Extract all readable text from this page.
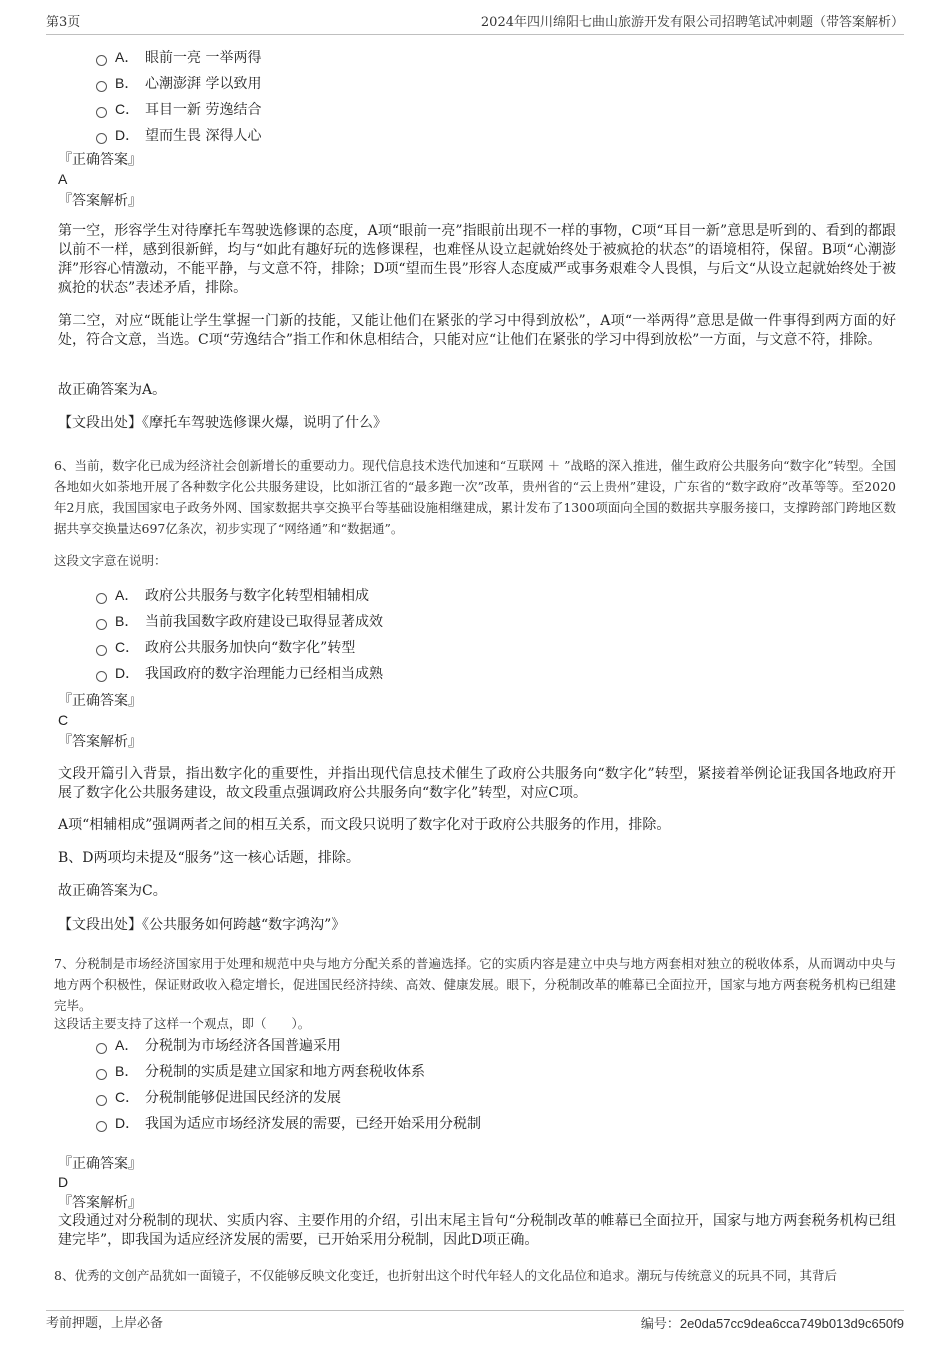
第3页	2024年四川绵阳七曲山旅游开发有限公司招聘笔试冲刺题（带答案解析）
A． 眼前一亮 一举两得
B． 心潮澎湃 学以致用
C． 耳目一新 劳逸结合
D． 望而生畏 深得人心
『正确答案』
A
『答案解析』
第一空，形容学生对待摩托车驾驶选修课的态度，A项“眼前一亮”指眼前出现不一样的事物，C项“耳目一新”意思是听到的、看到的都跟以前不一样，感到很新鲜，均与“如此有趣好玩的选修课程，也难怪从设立起就始终处于被疯抢的状态”的语境相符，保留。B项“心潮澎湃”形容心情激动，不能平静，与文意不符，排除；D项“望而生畏”形容人态度威严或事务艰难令人畏惧，与后文“从设立起就始终处于被疯抢的状态”表述矛盾，排除。
第二空，对应“既能让学生掌握一门新的技能，又能让他们在紧张的学习中得到放松”，A项“一举两得”意思是做一件事得到两方面的好处，符合文意，当选。C项“劳逸结合”指工作和休息相结合，只能对应“让他们在紧张的学习中得到放松”一方面，与文意不符，排除。
故正确答案为A。
【文段出处】《摩托车驾驶选修课火爆，说明了什么》
6、当前，数字化已成为经济社会创新增长的重要动力。现代信息技术迭代加速和“互联网 ＋ ”战略的深入推进，催生政府公共服务向“数字化”转型。全国各地如火如荼地开展了各种数字化公共服务建设，比如浙江省的“最多跑一次”改革，贵州省的“云上贵州”建设，广东省的“数字政府”改革等等。至2020年2月底，我国国家电子政务外网、国家数据共享交换平台等基础设施相继建成，累计发布了1300项面向全国的数据共享服务接口，支撑跨部门跨地区数据共享交换量达697亿条次，初步实现了“网络通”和“数据通”。
这段文字意在说明：
A． 政府公共服务与数字化转型相辅相成
B． 当前我国数字政府建设已取得显著成效
C． 政府公共服务加快向“数字化”转型
D． 我国政府的数字治理能力已经相当成熟
『正确答案』
C
『答案解析』
文段开篇引入背景，指出数字化的重要性，并指出现代信息技术催生了政府公共服务向“数字化”转型，紧接着举例论证我国各地政府开展了数字化公共服务建设，故文段重点强调政府公共服务向“数字化”转型，对应C项。
A项“相辅相成”强调两者之间的相互关系，而文段只说明了数字化对于政府公共服务的作用，排除。
B、D两项均未提及“服务”这一核心话题，排除。
故正确答案为C。
【文段出处】《公共服务如何跨越“数字鸿沟”》
7、分税制是市场经济国家用于处理和规范中央与地方分配关系的普遍选择。它的实质内容是建立中央与地方两套相对独立的税收体系，从而调动中央与地方两个积极性，保证财政收入稳定增长，促进国民经济持续、高效、健康发展。眼下，分税制改革的帷幕已全面拉开，国家与地方两套税务机构已组建完毕。
这段话主要支持了这样一个观点，即（　　）。
A． 分税制为市场经济各国普遍采用
B． 分税制的实质是建立国家和地方两套税收体系
C． 分税制能够促进国民经济的发展
D． 我国为适应市场经济发展的需要，已经开始采用分税制
『正确答案』
D
『答案解析』
文段通过对分税制的现状、实质内容、主要作用的介绍，引出末尾主旨句“分税制改革的帷幕已全面拉开，国家与地方两套税务机构已组建完毕”，即我国为适应经济发展的需要，已开始采用分税制，因此D项正确。
8、优秀的文创产品犹如一面镜子，不仅能够反映文化变迁，也折射出这个时代年轻人的文化品位和追求。潮玩与传统意义的玩具不同，其背后
考前押题，上岸必备	编号：2e0da57cc9dea6cca749b013d9c650f9
